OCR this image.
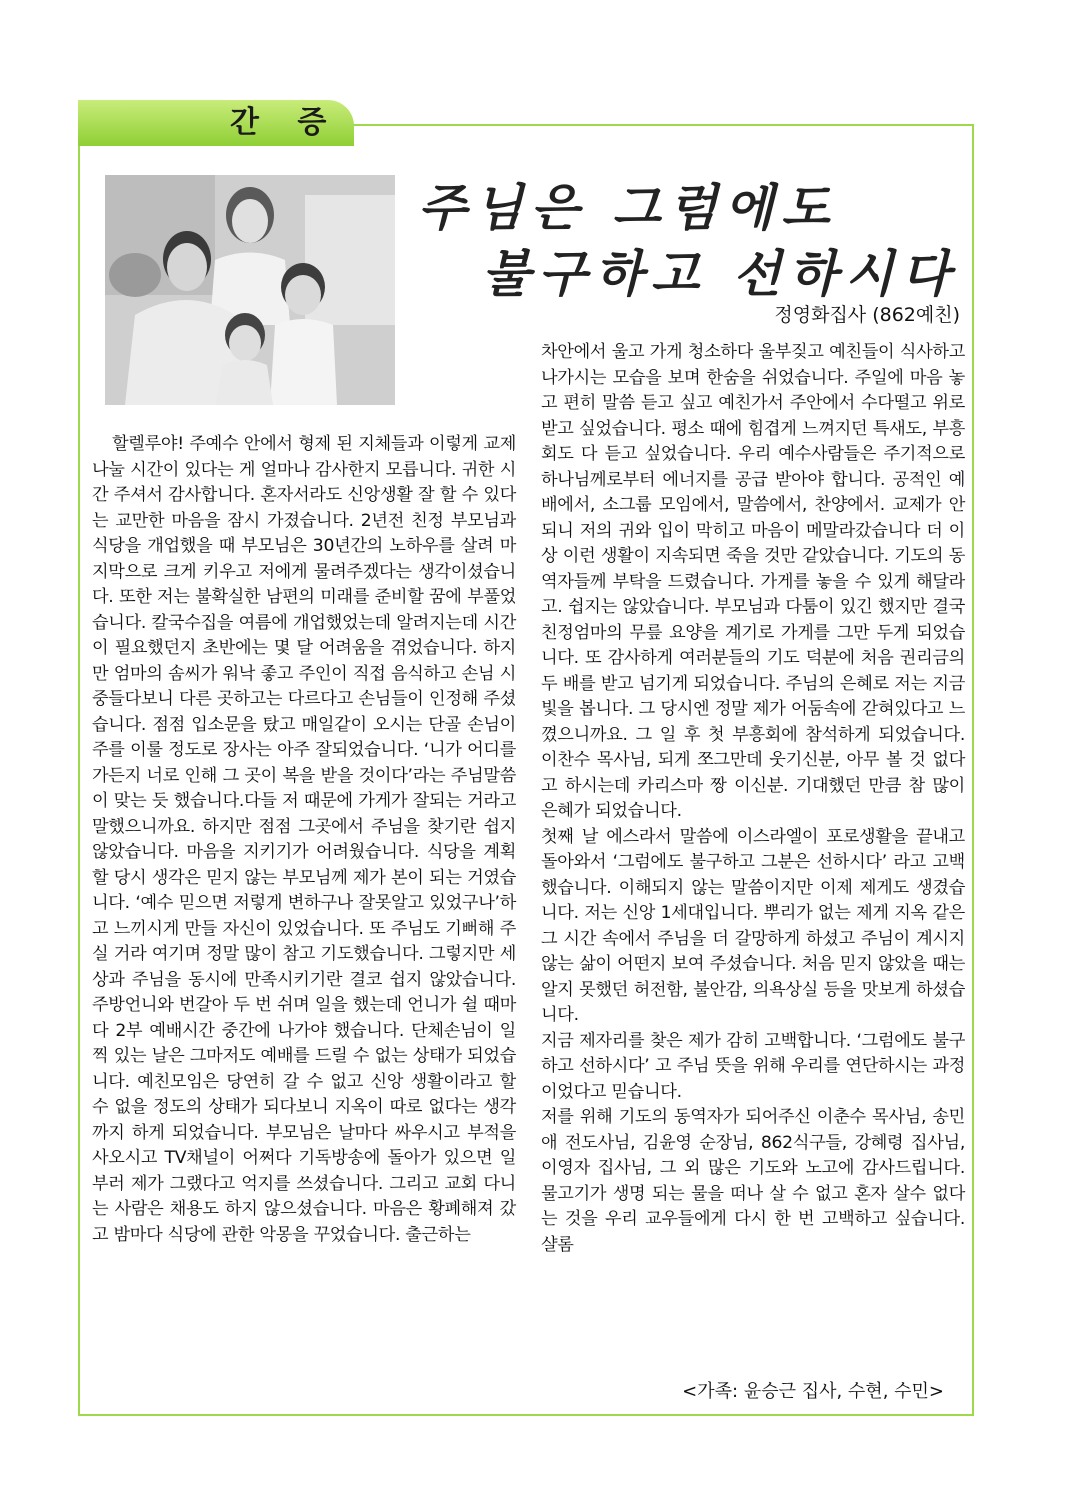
간 증
주님은 그럼에도
불구하고 선하시다
정영화집사 (862예친)

할렐루야! 주예수 안에서 형제 된 지체들과 이렇게 교제 나눌 시간이 있다는 게 얼마나 감사한지 모릅니다. 귀한 시간 주셔서 감사합니다. 혼자서라도 신앙생활 잘 할 수 있다는 교만한 마음을 잠시 가졌습니다. 2년전 친정 부모님과 식당을 개업했을 때 부모님은 30년간의 노하우를 살려 마지막으로 크게 키우고 저에게 물려주겠다는 생각이셨습니다. 또한 저는 불확실한 남편의 미래를 준비할 꿈에 부풀었습니다. 칼국수집을 여름에 개업했었는데 알려지는데 시간이 필요했던지 초반에는 몇 달 어려움을 겪었습니다. 하지만 엄마의 솜씨가 워낙 좋고 주인이 직접 음식하고 손님 시중들다보니 다른 곳하고는 다르다고 손님들이 인정해 주셨습니다. 점점 입소문을 탔고 매일같이 오시는 단골 손님이 주를 이룰 정도로 장사는 아주 잘되었습니다. ‘니가 어디를 가든지 너로 인해 그 곳이 복을 받을 것이다’라는 주님말씀이 맞는 듯 했습니다.다들 저 때문에 가게가 잘되는 거라고 말했으니까요. 하지만 점점 그곳에서 주님을 찾기란 쉽지 않았습니다. 마음을 지키기가 어려웠습니다. 식당을 계획할 당시 생각은 믿지 않는 부모님께 제가 본이 되는 거였습니다. ‘예수 믿으면 저렇게 변하구나 잘못알고 있었구나’하고 느끼시게 만들 자신이 있었습니다. 또 주님도 기뻐해 주실 거라 여기며 정말 많이 참고 기도했습니다. 그렇지만 세상과 주님을 동시에 만족시키기란 결코 쉽지 않았습니다. 주방언니와 번갈아 두 번 쉬며 일을 했는데 언니가 쉴 때마다 2부 예배시간 중간에 나가야 했습니다. 단체손님이 일찍 있는 날은 그마저도 예배를 드릴 수 없는 상태가 되었습니다. 예친모임은 당연히 갈 수 없고 신앙 생활이라고 할 수 없을 정도의 상태가 되다보니 지옥이 따로 없다는 생각까지 하게 되었습니다. 부모님은 날마다 싸우시고 부적을 사오시고 TV채널이 어쩌다 기독방송에 돌아가 있으면 일부러 제가 그랬다고 억지를 쓰셨습니다. 그리고 교회 다니는 사람은 채용도 하지 않으셨습니다. 마음은 황폐해져 갔고 밤마다 식당에 관한 악몽을 꾸었습니다. 출근하는

차안에서 울고 가게 청소하다 울부짖고 예친들이 식사하고 나가시는 모습을 보며 한숨을 쉬었습니다. 주일에 마음 놓고 편히 말씀 듣고 싶고 예친가서 주안에서 수다떨고 위로받고 싶었습니다. 평소 때에 힘겹게 느껴지던 특새도, 부흥회도 다 듣고 싶었습니다. 우리 예수사람들은 주기적으로 하나님께로부터 에너지를 공급 받아야 합니다. 공적인 예배에서, 소그룹 모임에서, 말씀에서, 찬양에서. 교제가 안되니 저의 귀와 입이 막히고 마음이 메말라갔습니다 더 이상 이런 생활이 지속되면 죽을 것만 같았습니다. 기도의 동역자들께 부탁을 드렸습니다. 가게를 놓을 수 있게 해달라고. 쉽지는 않았습니다. 부모님과 다툼이 있긴 했지만 결국 친정엄마의 무릎 요양을 계기로 가게를 그만 두게 되었습니다. 또 감사하게 여러분들의 기도 덕분에 처음 권리금의 두 배를 받고 넘기게 되었습니다. 주님의 은혜로 저는 지금 빛을 봅니다. 그 당시엔 정말 제가 어둠속에 갇혀있다고 느꼈으니까요. 그 일 후 첫 부흥회에 참석하게 되었습니다. 이찬수 목사님, 되게 쪼그만데 웃기신분, 아무 볼 것 없다고 하시는데 카리스마 짱 이신분. 기대했던 만큼 참 많이 은혜가 되었습니다.

첫째 날 에스라서 말씀에 이스라엘이 포로생활을 끝내고 돌아와서 ‘그럼에도 불구하고 그분은 선하시다’ 라고 고백했습니다. 이해되지 않는 말씀이지만 이제 제게도 생겼습니다. 저는 신앙 1세대입니다. 뿌리가 없는 제게 지옥 같은 그 시간 속에서 주님을 더 갈망하게 하셨고 주님이 계시지 않는 삶이 어떤지 보여 주셨습니다. 처음 믿지 않았을 때는 알지 못했던 허전함, 불안감, 의욕상실 등을 맛보게 하셨습니다.

지금 제자리를 찾은 제가 감히 고백합니다. ‘그럼에도 불구하고 선하시다’ 고 주님 뜻을 위해 우리를 연단하시는 과정이었다고 믿습니다.

저를 위해 기도의 동역자가 되어주신 이춘수 목사님, 송민애 전도사님, 김윤영 순장님, 862식구들, 강혜령 집사님, 이영자 집사님, 그 외 많은 기도와 노고에 감사드립니다. 물고기가 생명 되는 물을 떠나 살 수 없고 혼자 살수 없다는 것을 우리 교우들에게 다시 한 번 고백하고 싶습니다. 샬롬

<가족: 윤승근 집사, 수현, 수민>
